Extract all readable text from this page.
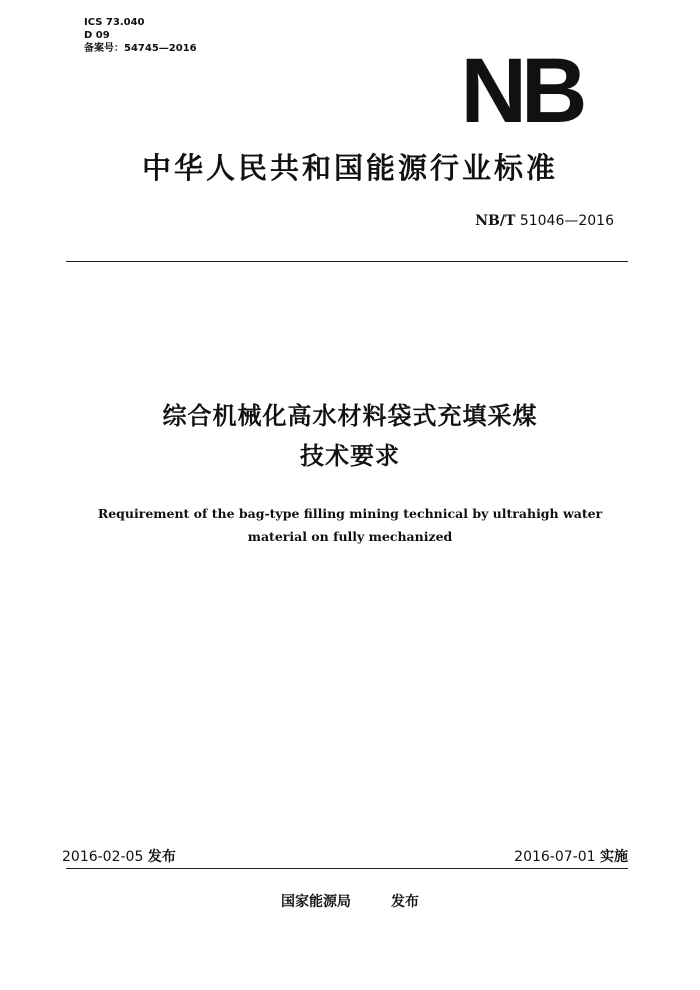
ICS 73.040
D 09
备案号：54745—2016	NB
中华人民共和国能源行业标准
NB/T 51046—2016
综合机械化高水材料袋式充填采煤
技术要求
Requirement of the bag-type filling mining technical by ultrahigh water
material on fully mechanized
2016-02-05 发布	2016-07-01 实施
国家能源局	发布
